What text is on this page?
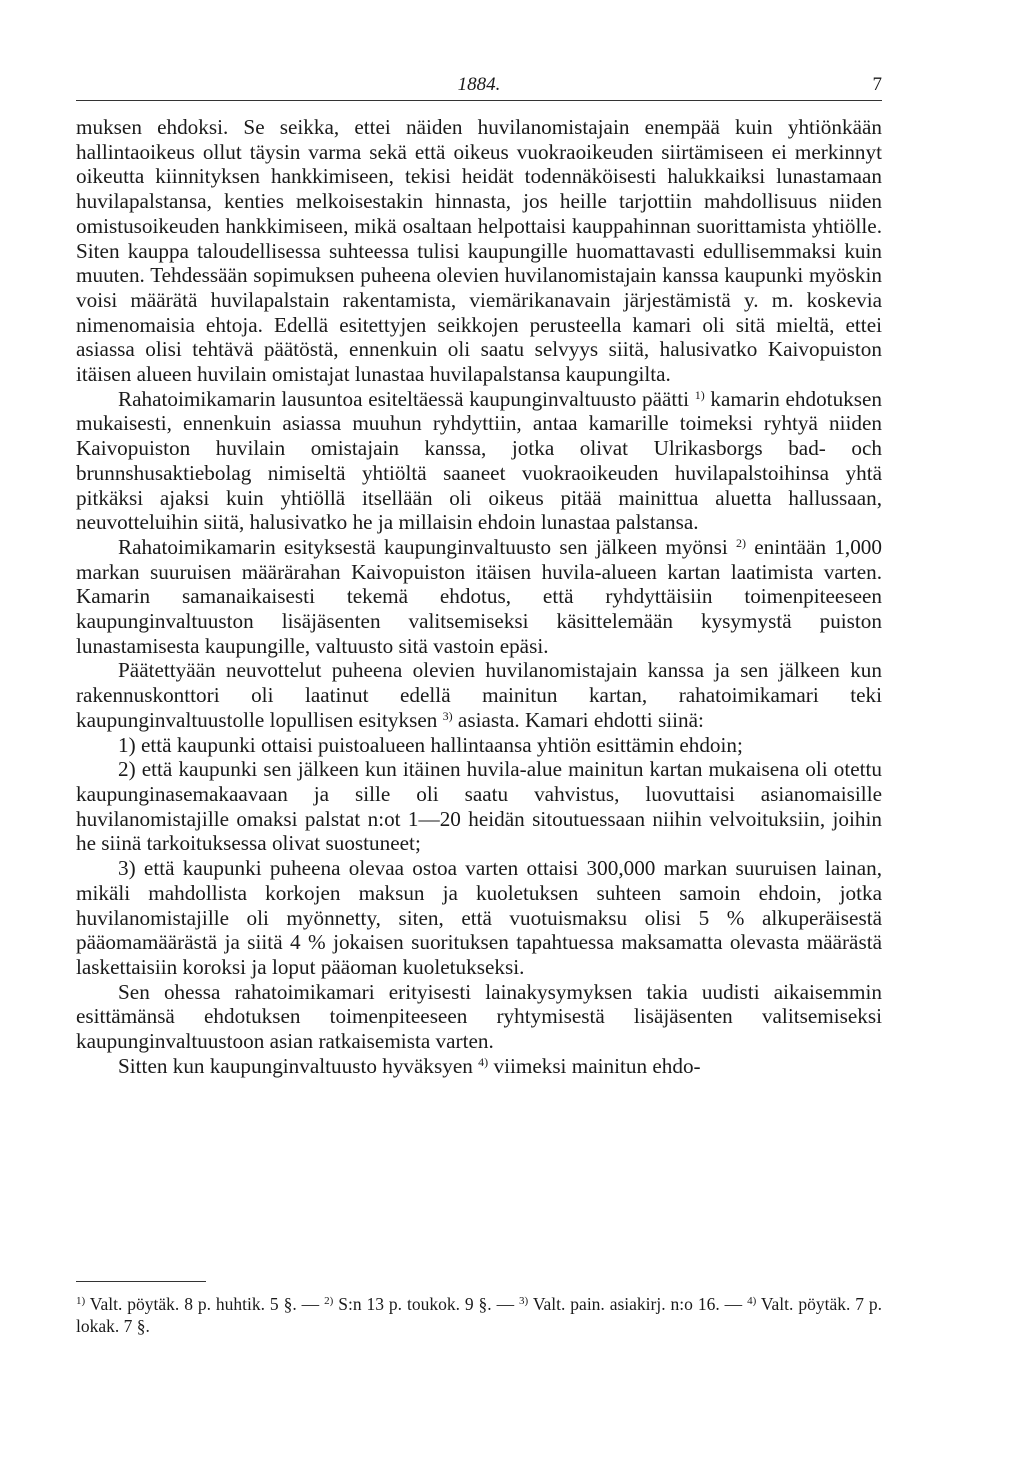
1884.	7

muksen ehdoksi. Se seikka, ettei näiden huvilanomistajain enempää kuin yhtiönkään hallintaoikeus ollut täysin varma sekä että oikeus vuokraoikeuden siirtämiseen ei merkinnyt oikeutta kiinnityksen hankkimiseen, tekisi heidät todennäköisesti halukkaiksi lunastamaan huvilapalstansa, kenties melkoisestakin hinnasta, jos heille tarjottiin mahdollisuus niiden omistusoikeuden hankkimiseen, mikä osaltaan helpottaisi kauppahinnan suorittamista yhtiölle. Siten kauppa taloudellisessa suhteessa tulisi kaupungille huomattavasti edullisemmaksi kuin muuten. Tehdessään sopimuksen puheena olevien huvilanomistajain kanssa kaupunki myöskin voisi määrätä huvilapalstain rakentamista, viemärikanavain järjestämistä y. m. koskevia nimenomaisia ehtoja. Edellä esitettyjen seikkojen perusteella kamari oli sitä mieltä, ettei asiassa olisi tehtävä päätöstä, ennenkuin oli saatu selvyys siitä, halusivatko Kaivopuiston itäisen alueen huvilain omistajat lunastaa huvilapalstansa kaupungilta.

Rahatoimikamarin lausuntoa esiteltäessä kaupunginvaltuusto päätti $^{1)}$ kamarin ehdotuksen mukaisesti, ennenkuin asiassa muuhun ryhdyttiin, antaa kamarille toimeksi ryhtyä niiden Kaivopuiston huvilain omistajain kanssa, jotka olivat Ulrikasborgs bad- och brunnshusaktiebolag nimiseltä yhtiöltä saaneet vuokraoikeuden huvilapalstoihinsa yhtä pitkäksi ajaksi kuin yhtiöllä itsellään oli oikeus pitää mainittua aluetta hallussaan, neuvotteluihin siitä, halusivatko he ja millaisin ehdoin lunastaa palstansa.

Rahatoimikamarin esityksestä kaupunginvaltuusto sen jälkeen myönsi $^{2)}$ enintään 1,000 markan suuruisen määrärahan Kaivopuiston itäisen huvila-alueen kartan laatimista varten. Kamarin samanaikaisesti tekemä ehdotus, että ryhdyttäisiin toimenpiteeseen kaupunginvaltuuston lisäjäsenten valitsemiseksi käsittelemään kysymystä puiston lunastamisesta kaupungille, valtuusto sitä vastoin epäsi.

Päätettyään neuvottelut puheena olevien huvilanomistajain kanssa ja sen jälkeen kun rakennuskonttori oli laatinut edellä mainitun kartan, rahatoimikamari teki kaupunginvaltuustolle lopullisen esityksen $^{3)}$ asiasta. Kamari ehdotti siinä:

1) että kaupunki ottaisi puistoalueen hallintaansa yhtiön esittämin ehdoin;

2) että kaupunki sen jälkeen kun itäinen huvila-alue mainitun kartan mukaisena oli otettu kaupunginasemakaavaan ja sille oli saatu vahvistus, luovuttaisi asianomaisille huvilanomistajille omaksi palstat n:ot 1—20 heidän sitoutuessaan niihin velvoituksiin, joihin he siinä tarkoituksessa olivat suostuneet;

3) että kaupunki puheena olevaa ostoa varten ottaisi 300,000 markan suuruisen lainan, mikäli mahdollista korkojen maksun ja kuoletuksen suhteen samoin ehdoin, jotka huvilanomistajille oli myönnetty, siten, että vuotuismaksu olisi 5 % alkuperäisestä pääomamäärästä ja siitä 4 % jokaisen suorituksen tapahtuessa maksamatta olevasta määrästä laskettaisiin koroksi ja loput pääoman kuoletukseksi.

Sen ohessa rahatoimikamari erityisesti lainakysymyksen takia uudisti aikaisemmin esittämänsä ehdotuksen toimenpiteeseen ryhtymisestä lisäjäsenten valitsemiseksi kaupunginvaltuustoon asian ratkaisemista varten.

Sitten kun kaupunginvaltuusto hyväksyen $^{4)}$ viimeksi mainitun ehdo-

$^{1)}$ Valt. pöytäk. 8 p. huhtik. 5 §. — $^{2)}$ S:n 13 p. toukok. 9 §. — $^{3)}$ Valt. pain. asiakirj. n:o 16. — $^{4)}$ Valt. pöytäk. 7 p. lokak. 7 §.
